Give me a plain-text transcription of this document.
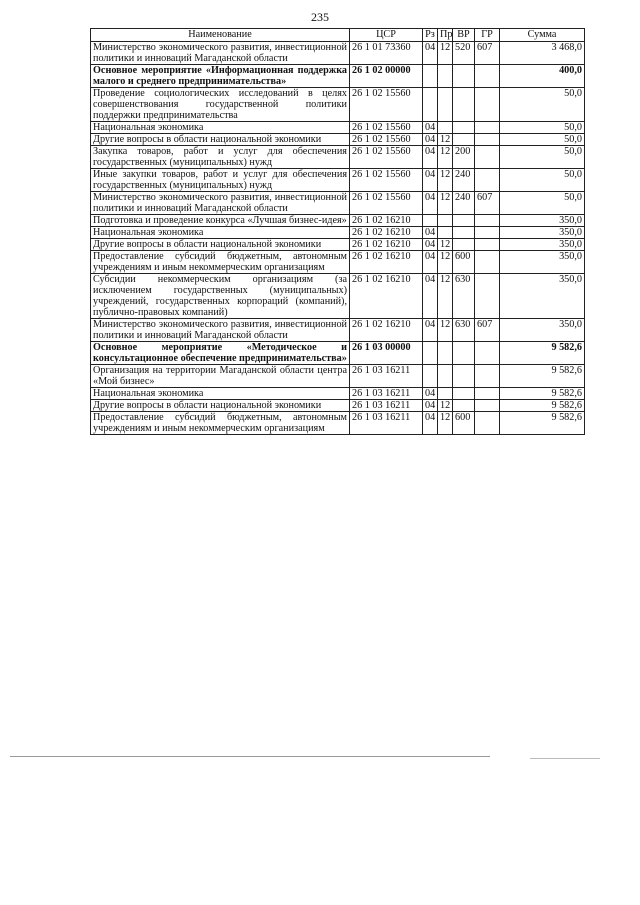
235
Наименование	ЦСР	Рз	Пр	ВР	ГР	Сумма
Министерство экономического развития, инвестиционной политики и инноваций Магаданской области	26 1 01 73360	04	12	520	607	3 468,0
Основное мероприятие «Информационная поддержка малого и среднего предпринимательства»	26 1 02 00000					400,0
Проведение социологических исследований в целях совершенствования государственной политики поддержки предпринимательства	26 1 02 15560					50,0
Национальная экономика	26 1 02 15560	04				50,0
Другие вопросы в области национальной экономики	26 1 02 15560	04	12			50,0
Закупка товаров, работ и услуг для обеспечения государственных (муниципальных) нужд	26 1 02 15560	04	12	200		50,0
Иные закупки товаров, работ и услуг для обеспечения государственных (муниципальных) нужд	26 1 02 15560	04	12	240		50,0
Министерство экономического развития, инвестиционной политики и инноваций Магаданской области	26 1 02 15560	04	12	240	607	50,0
Подготовка и проведение конкурса «Лучшая бизнес-идея»	26 1 02 16210					350,0
Национальная экономика	26 1 02 16210	04				350,0
Другие вопросы в области национальной экономики	26 1 02 16210	04	12			350,0
Предоставление субсидий бюджетным, автономным учреждениям и иным некоммерческим организациям	26 1 02 16210	04	12	600		350,0
Субсидии некоммерческим организациям (за исключением государственных (муниципальных) учреждений, государственных корпораций (компаний), публично-правовых компаний)	26 1 02 16210	04	12	630		350,0
Министерство экономического развития, инвестиционной политики и инноваций Магаданской области	26 1 02 16210	04	12	630	607	350,0
Основное мероприятие «Методическое и консультационное обеспечение предпринимательства»	26 1 03 00000					9 582,6
Организация на территории Магаданской области центра «Мой бизнес»	26 1 03 16211					9 582,6
Национальная экономика	26 1 03 16211	04				9 582,6
Другие вопросы в области национальной экономики	26 1 03 16211	04	12			9 582,6
Предоставление субсидий бюджетным, автономным учреждениям и иным некоммерческим организациям	26 1 03 16211	04	12	600		9 582,6
